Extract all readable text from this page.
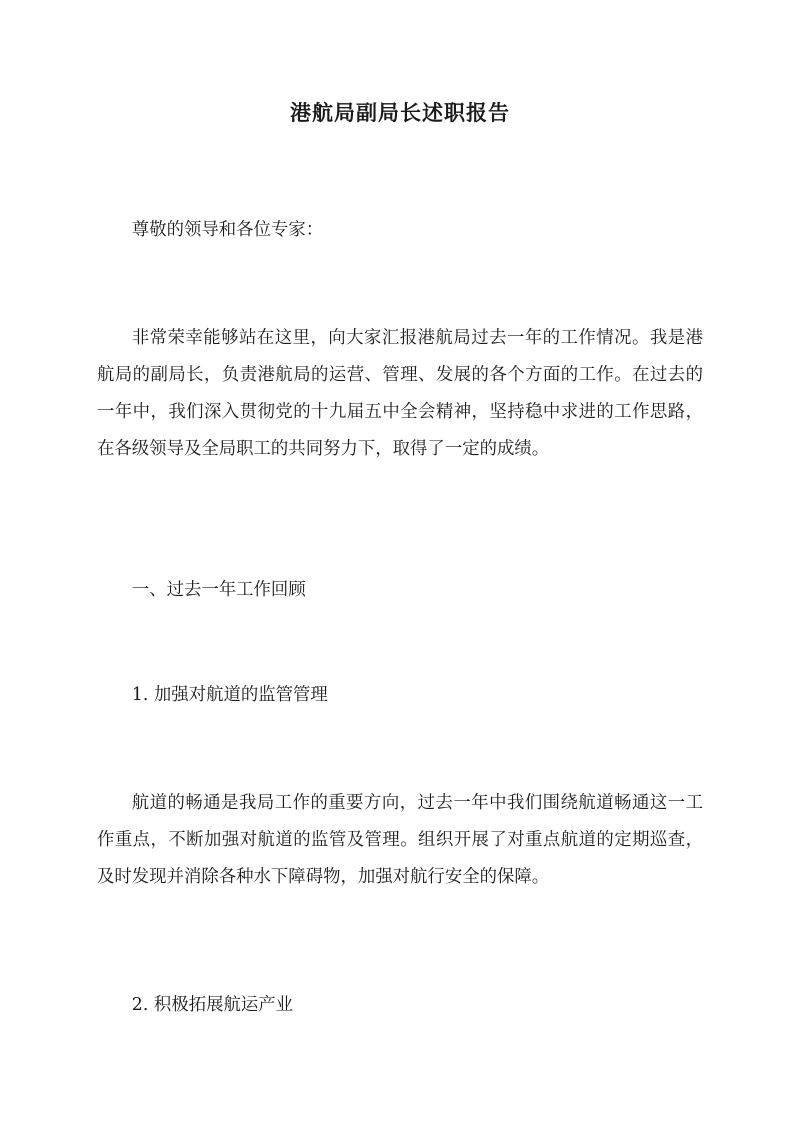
港航局副局长述职报告

尊敬的领导和各位专家：

非常荣幸能够站在这里，向大家汇报港航局过去一年的工作情况。我是港航局的副局长，负责港航局的运营、管理、发展的各个方面的工作。在过去的一年中，我们深入贯彻党的十九届五中全会精神，坚持稳中求进的工作思路，在各级领导及全局职工的共同努力下，取得了一定的成绩。

一、过去一年工作回顾

1. 加强对航道的监管管理

航道的畅通是我局工作的重要方向，过去一年中我们围绕航道畅通这一工作重点，不断加强对航道的监管及管理。组织开展了对重点航道的定期巡查，及时发现并消除各种水下障碍物，加强对航行安全的保障。

2. 积极拓展航运产业
